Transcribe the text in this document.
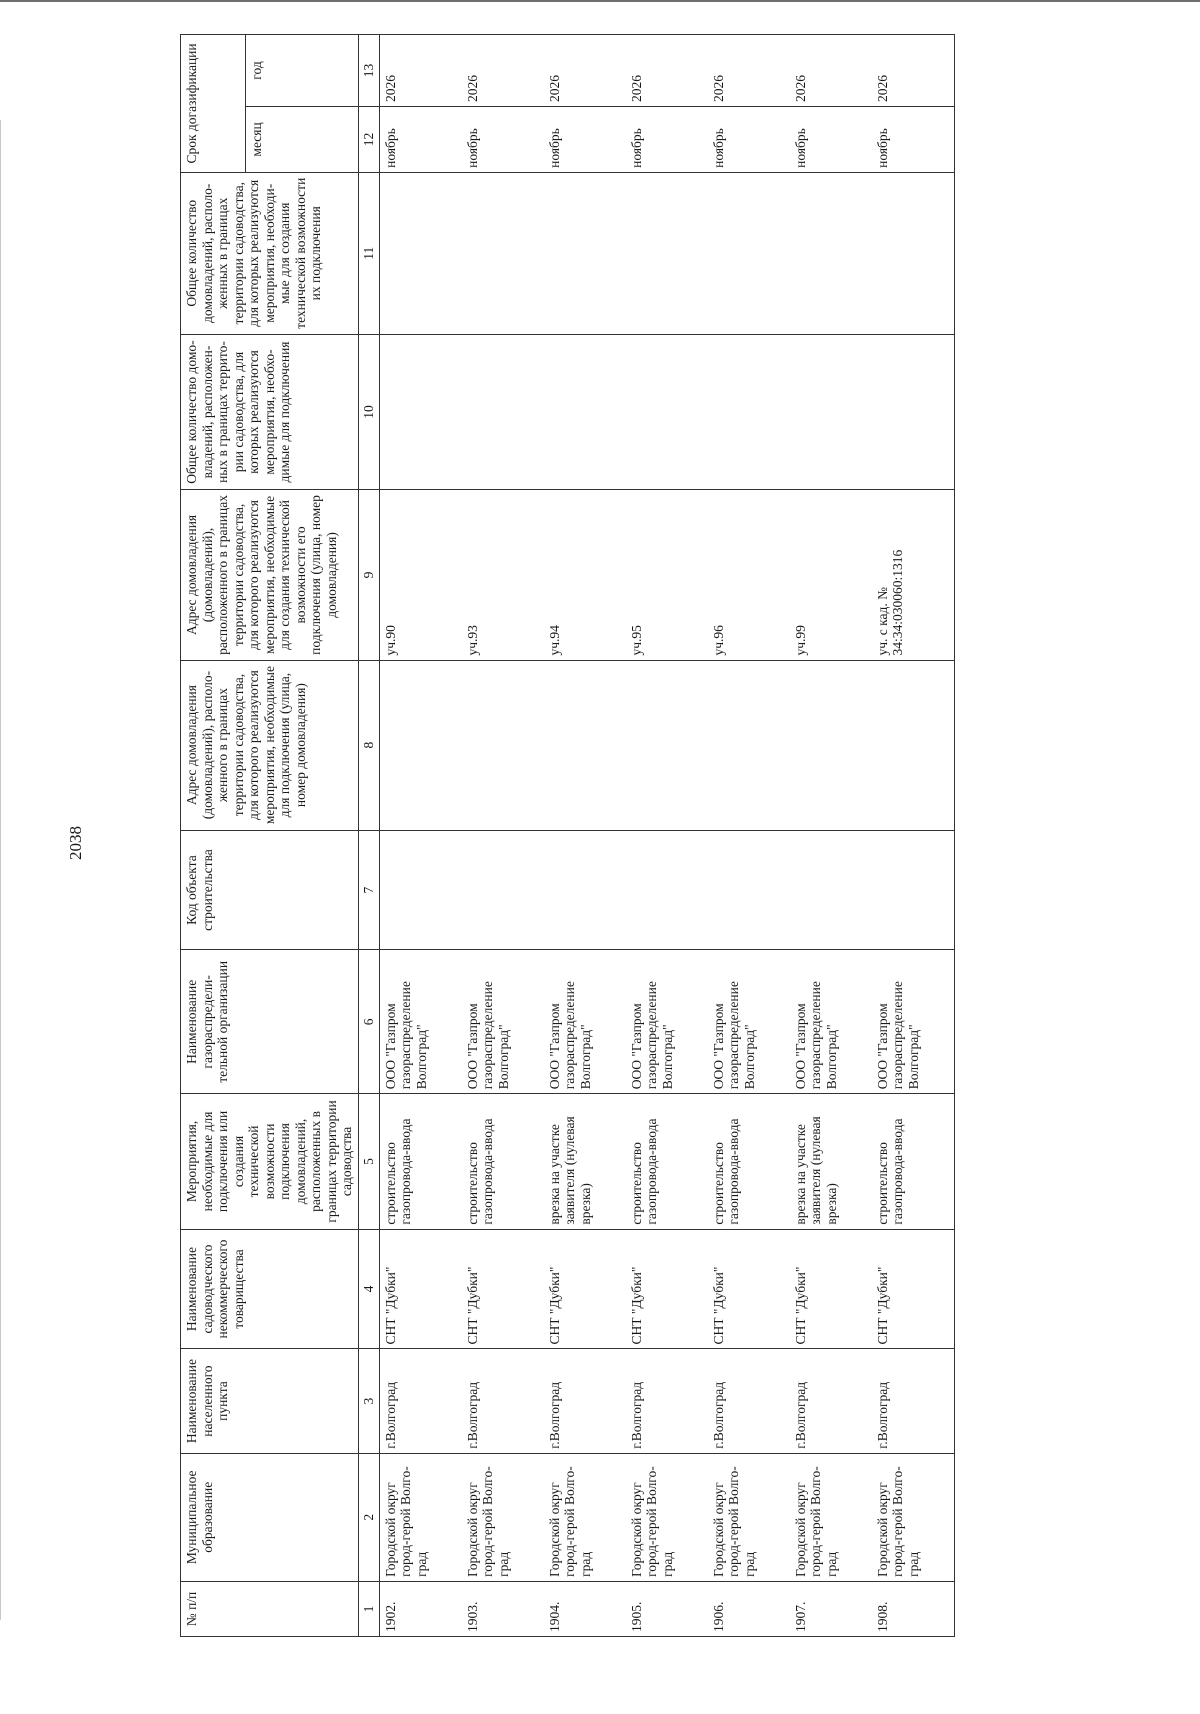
2038
№ п/п	Муниципальное образование	Наименование населенного пункта	Наименование садоводческого некоммерческого товарищества	Мероприятия, необходимые для подключения или создания технической возможности подключения домовладений, расположенных в границах территории садоводства	Наименование газораспределительной организации	Код объекта строительства	Адрес домовладения (домовладений), расположенного в границах территории садоводства, для которого реализуются мероприятия, необходимые для подключения (улица, номер домовладения)	Адрес домовладения (домовладений), расположенного в границах территории садоводства, для которого реализуются мероприятия, необходимые для создания технической возможности его подключения (улица, номер домовладения)	Общее количество домовладений, расположенных в границах территории садоводства, для которых реализуются мероприятия, необходимые для подключения	Общее количество домовладений, расположенных в границах территории садоводства, для которых реализуются мероприятия, необходимые для создания технической возможности их подключения	Срок догазификации	
											месяц	год
1	2	3	4	5	6	7	8	9	10	11	12	13
1902.	Городской округ город-герой Волгоград	г.Волгоград	СНТ "Дубки"	строительство газопровода-ввода	ООО "Газпром газораспределение Волгоград"			уч.90			ноябрь	2026
1903.	Городской округ город-герой Волгоград	г.Волгоград	СНТ "Дубки"	строительство газопровода-ввода	ООО "Газпром газораспределение Волгоград"			уч.93			ноябрь	2026
1904.	Городской округ город-герой Волгоград	г.Волгоград	СНТ "Дубки"	врезка на участке заявителя (нулевая врезка)	ООО "Газпром газораспределение Волгоград"			уч.94			ноябрь	2026
1905.	Городской округ город-герой Волгоград	г.Волгоград	СНТ "Дубки"	строительство газопровода-ввода	ООО "Газпром газораспределение Волгоград"			уч.95			ноябрь	2026
1906.	Городской округ город-герой Волгоград	г.Волгоград	СНТ "Дубки"	строительство газопровода-ввода	ООО "Газпром газораспределение Волгоград"			уч.96			ноябрь	2026
1907.	Городской округ город-герой Волгоград	г.Волгоград	СНТ "Дубки"	врезка на участке заявителя (нулевая врезка)	ООО "Газпром газораспределение Волгоград"			уч.99			ноябрь	2026
1908.	Городской округ город-герой Волгоград	г.Волгоград	СНТ "Дубки"	строительство газопровода-ввода	ООО "Газпром газораспределение Волгоград"			уч. с кад. № 34:34:030060:1316			ноябрь	2026
